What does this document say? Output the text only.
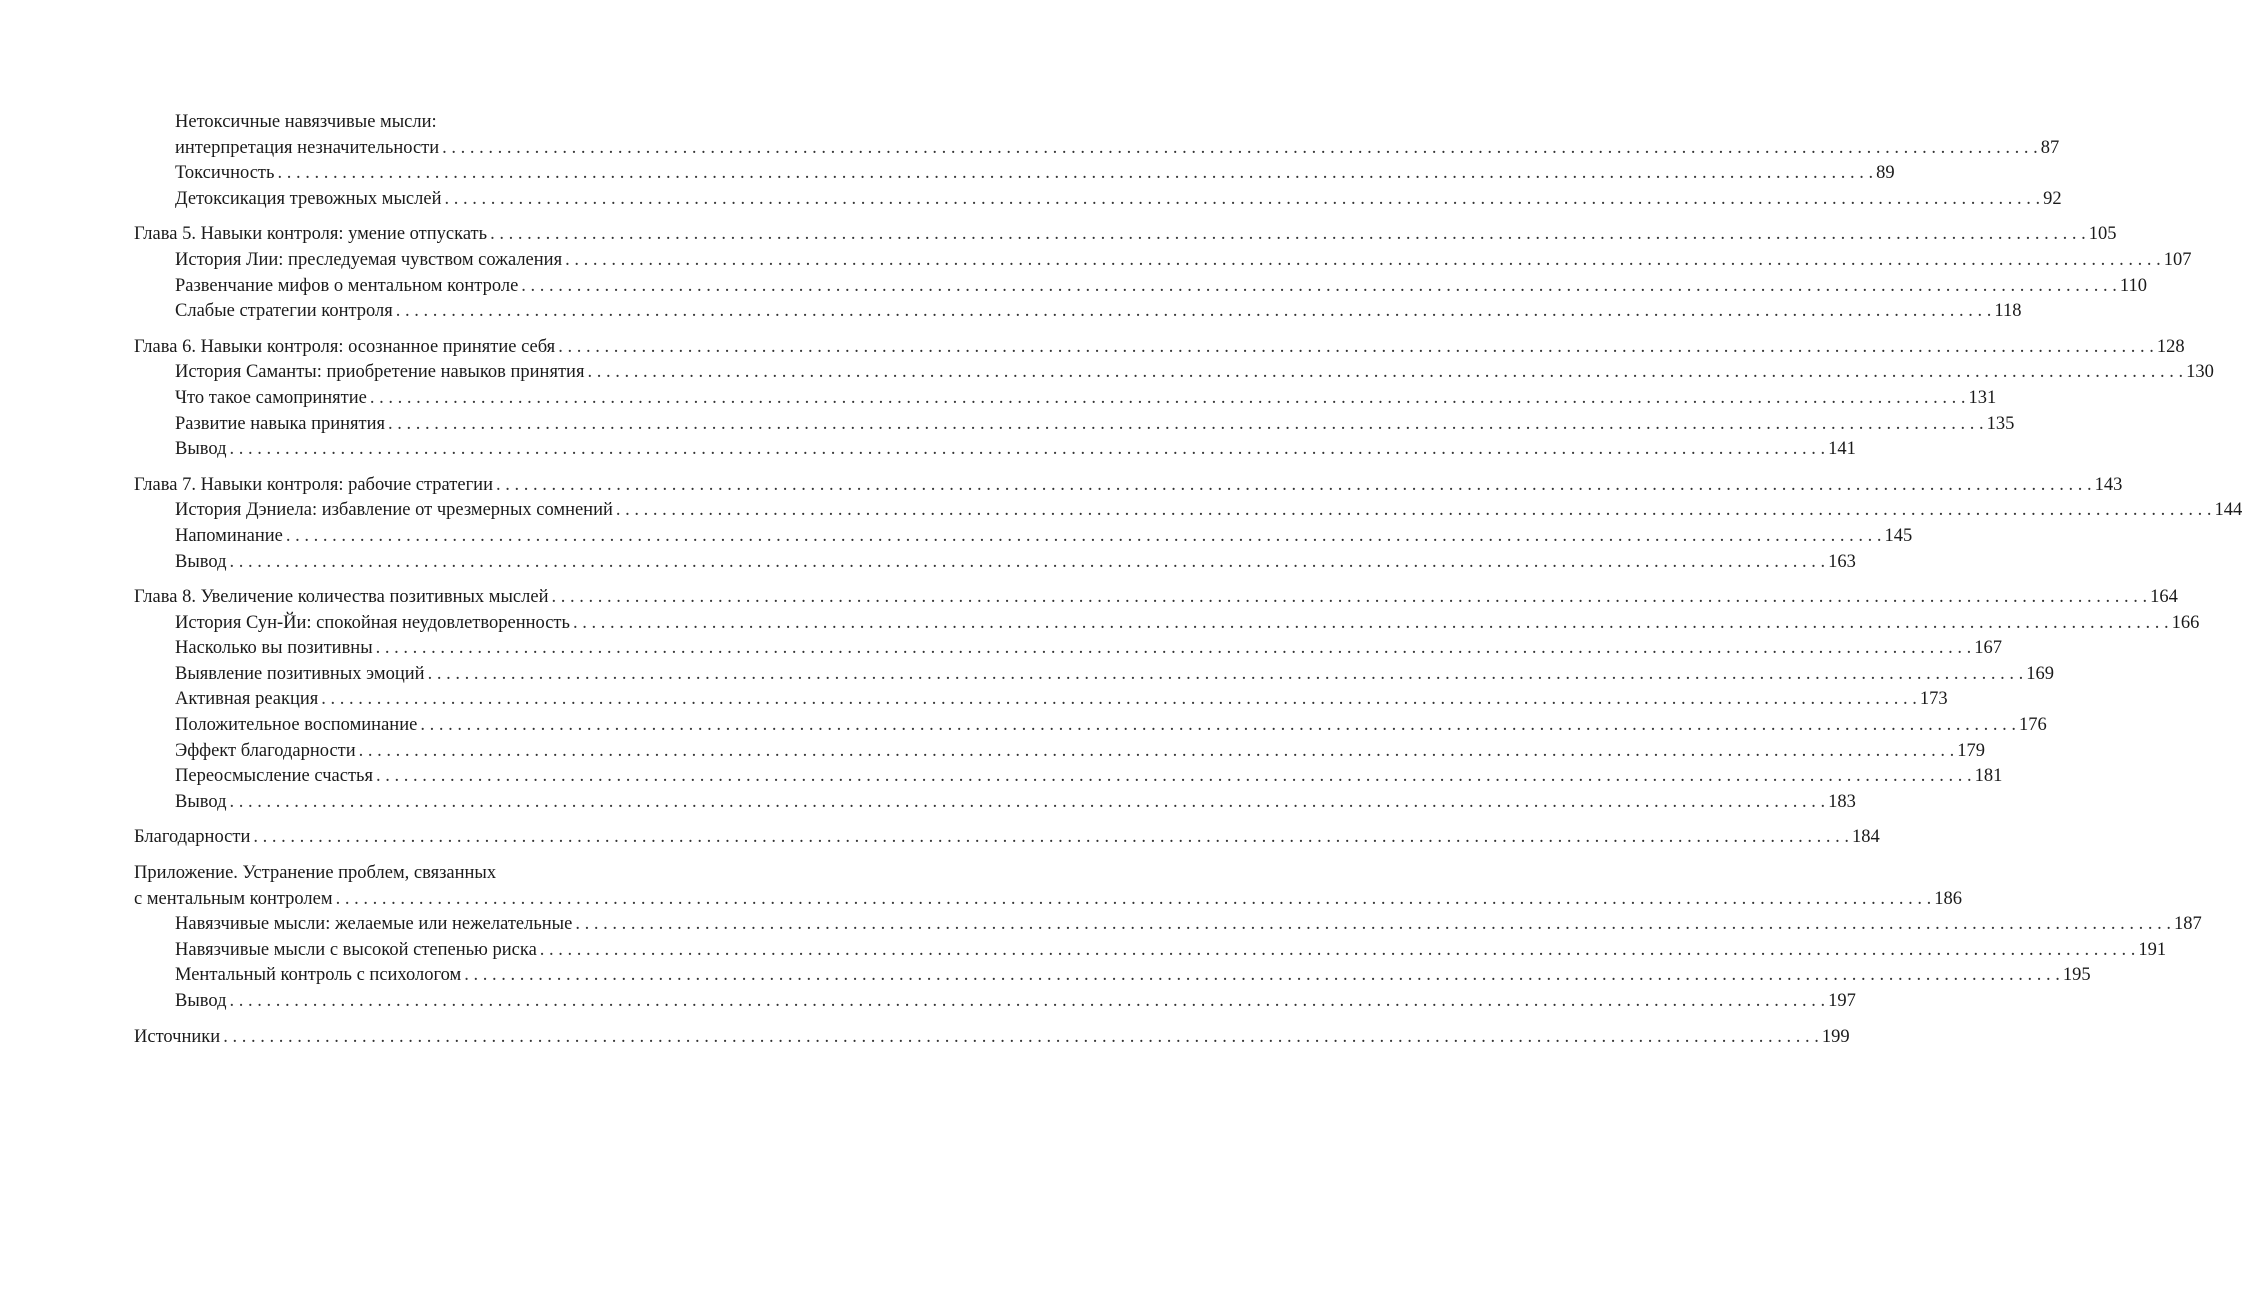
Нетоксичные навязчивые мысли:
интерпретация незначительности . . .	87
Токсичность . . .	89
Детоксикация тревожных мыслей . . .	92
Глава 5. Навыки контроля: умение отпускать . . .	105
История Лии: преследуемая чувством сожаления . . .	107
Развенчание мифов о ментальном контроле . . .	110
Слабые стратегии контроля . . .	118
Глава 6. Навыки контроля: осознанное принятие себя . . .	128
История Саманты: приобретение навыков принятия . . .	130
Что такое самопринятие . . .	131
Развитие навыка принятия . . .	135
Вывод . . .	141
Глава 7. Навыки контроля: рабочие стратегии . . .	143
История Дэниела: избавление от чрезмерных сомнений . . .	144
Напоминание . . .	145
Вывод . . .	163
Глава 8. Увеличение количества позитивных мыслей . . .	164
История Сун-Йи: спокойная неудовлетворенность . . .	166
Насколько вы позитивны . . .	167
Выявление позитивных эмоций . . .	169
Активная реакция . . .	173
Положительное воспоминание . . .	176
Эффект благодарности . . .	179
Переосмысление счастья . . .	181
Вывод . . .	183
Благодарности . . .	184
Приложение. Устранение проблем, связанных
с ментальным контролем . . .	186
Навязчивые мысли: желаемые или нежелательные . . .	187
Навязчивые мысли с высокой степенью риска . . .	191
Ментальный контроль с психологом . . .	195
Вывод . . .	197
Источники . . .	199
